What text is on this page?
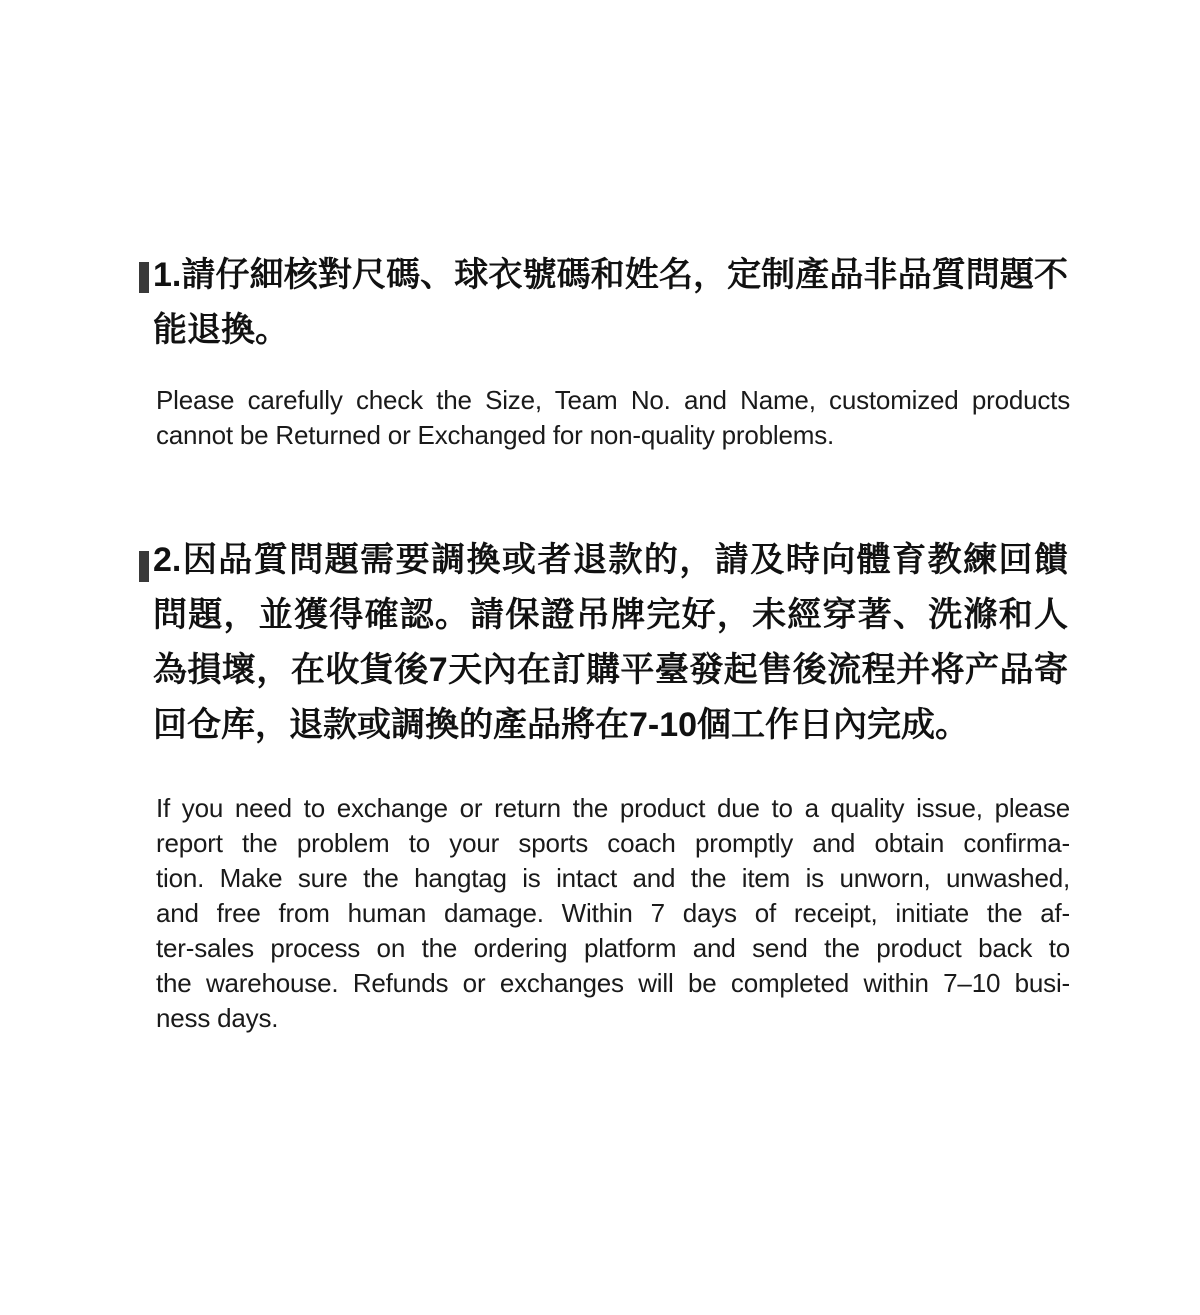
1.請仔細核對尺碼、球衣號碼和姓名，定制產品非品質問題不
能退換。
Please carefully check the Size, Team No. and Name, customized products
cannot be Returned or Exchanged for non-quality problems.
2.因品質問題需要調換或者退款的，請及時向體育教練回饋
問題，並獲得確認。請保證吊牌完好，未經穿著、洗滌和人
為損壞，在收貨後7天內在訂購平臺發起售後流程并将产品寄
回仓库，退款或調換的產品將在7-10個工作日內完成。
If you need to exchange or return the product due to a quality issue, please
report the problem to your sports coach promptly and obtain confirma-
tion. Make sure the hangtag is intact and the item is unworn, unwashed,
and free from human damage. Within 7 days of receipt, initiate the af-
ter-sales process on the ordering platform and send the product back to
the warehouse. Refunds or exchanges will be completed within 7–10 busi-
ness days.
